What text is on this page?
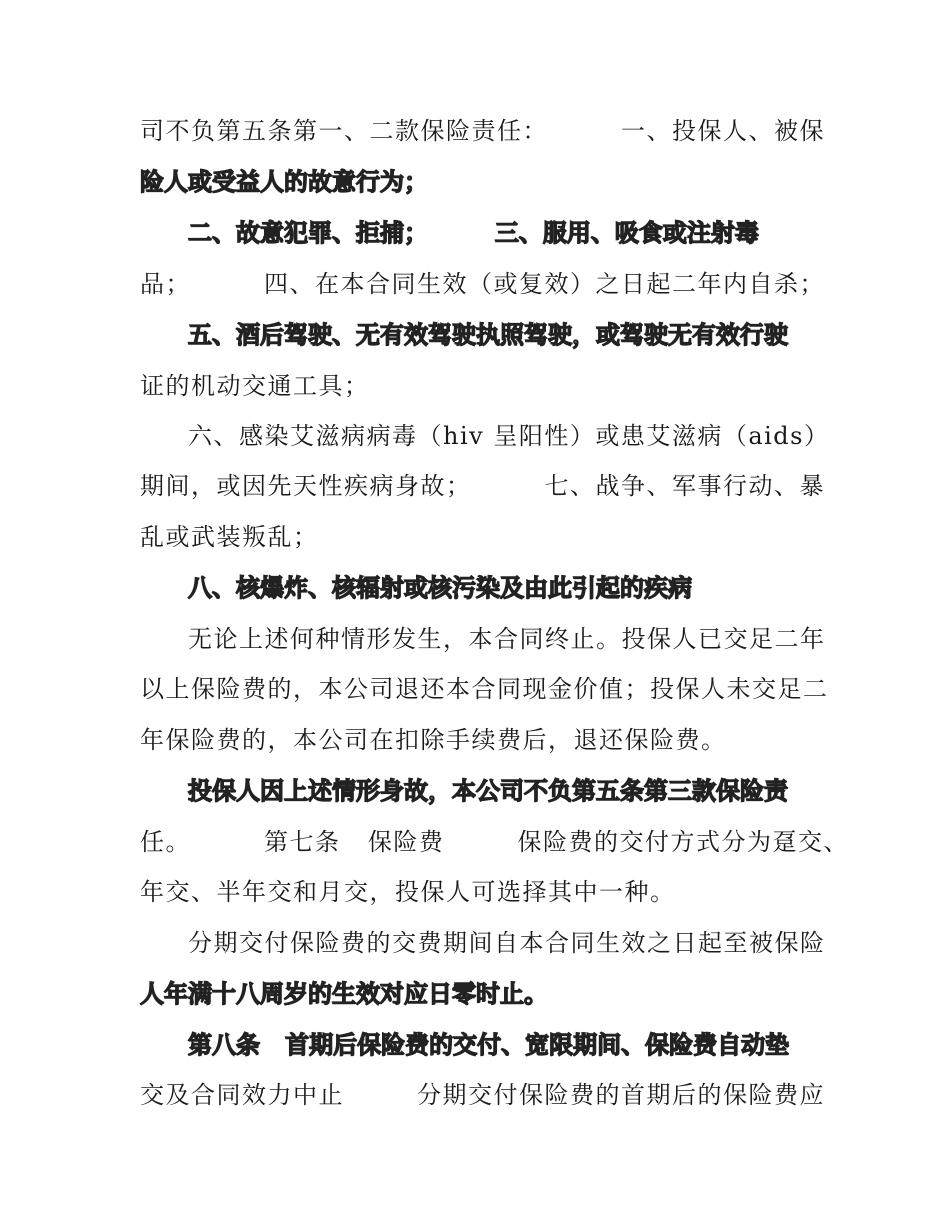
司不负第五条第一、二款保险责任：        一、投保人、被保
险人或受益人的故意行为；
二、故意犯罪、拒捕；        三、服用、吸食或注射毒
品；        四、在本合同生效（或复效）之日起二年内自杀；
五、酒后驾驶、无有效驾驶执照驾驶，或驾驶无有效行驶
证的机动交通工具；
六、感染艾滋病病毒（hiv 呈阳性）或患艾滋病（aids）
期间，或因先天性疾病身故；        七、战争、军事行动、暴
乱或武装叛乱；
八、核爆炸、核辐射或核污染及由此引起的疾病
无论上述何种情形发生，本合同终止。投保人已交足二年
以上保险费的，本公司退还本合同现金价值；投保人未交足二
年保险费的，本公司在扣除手续费后，退还保险费。
投保人因上述情形身故，本公司不负第五条第三款保险责
任。        第七条   保险费        保险费的交付方式分为趸交、
年交、半年交和月交，投保人可选择其中一种。
分期交付保险费的交费期间自本合同生效之日起至被保险
人年满十八周岁的生效对应日零时止。
第八条   首期后保险费的交付、宽限期间、保险费自动垫
交及合同效力中止        分期交付保险费的首期后的保险费应
